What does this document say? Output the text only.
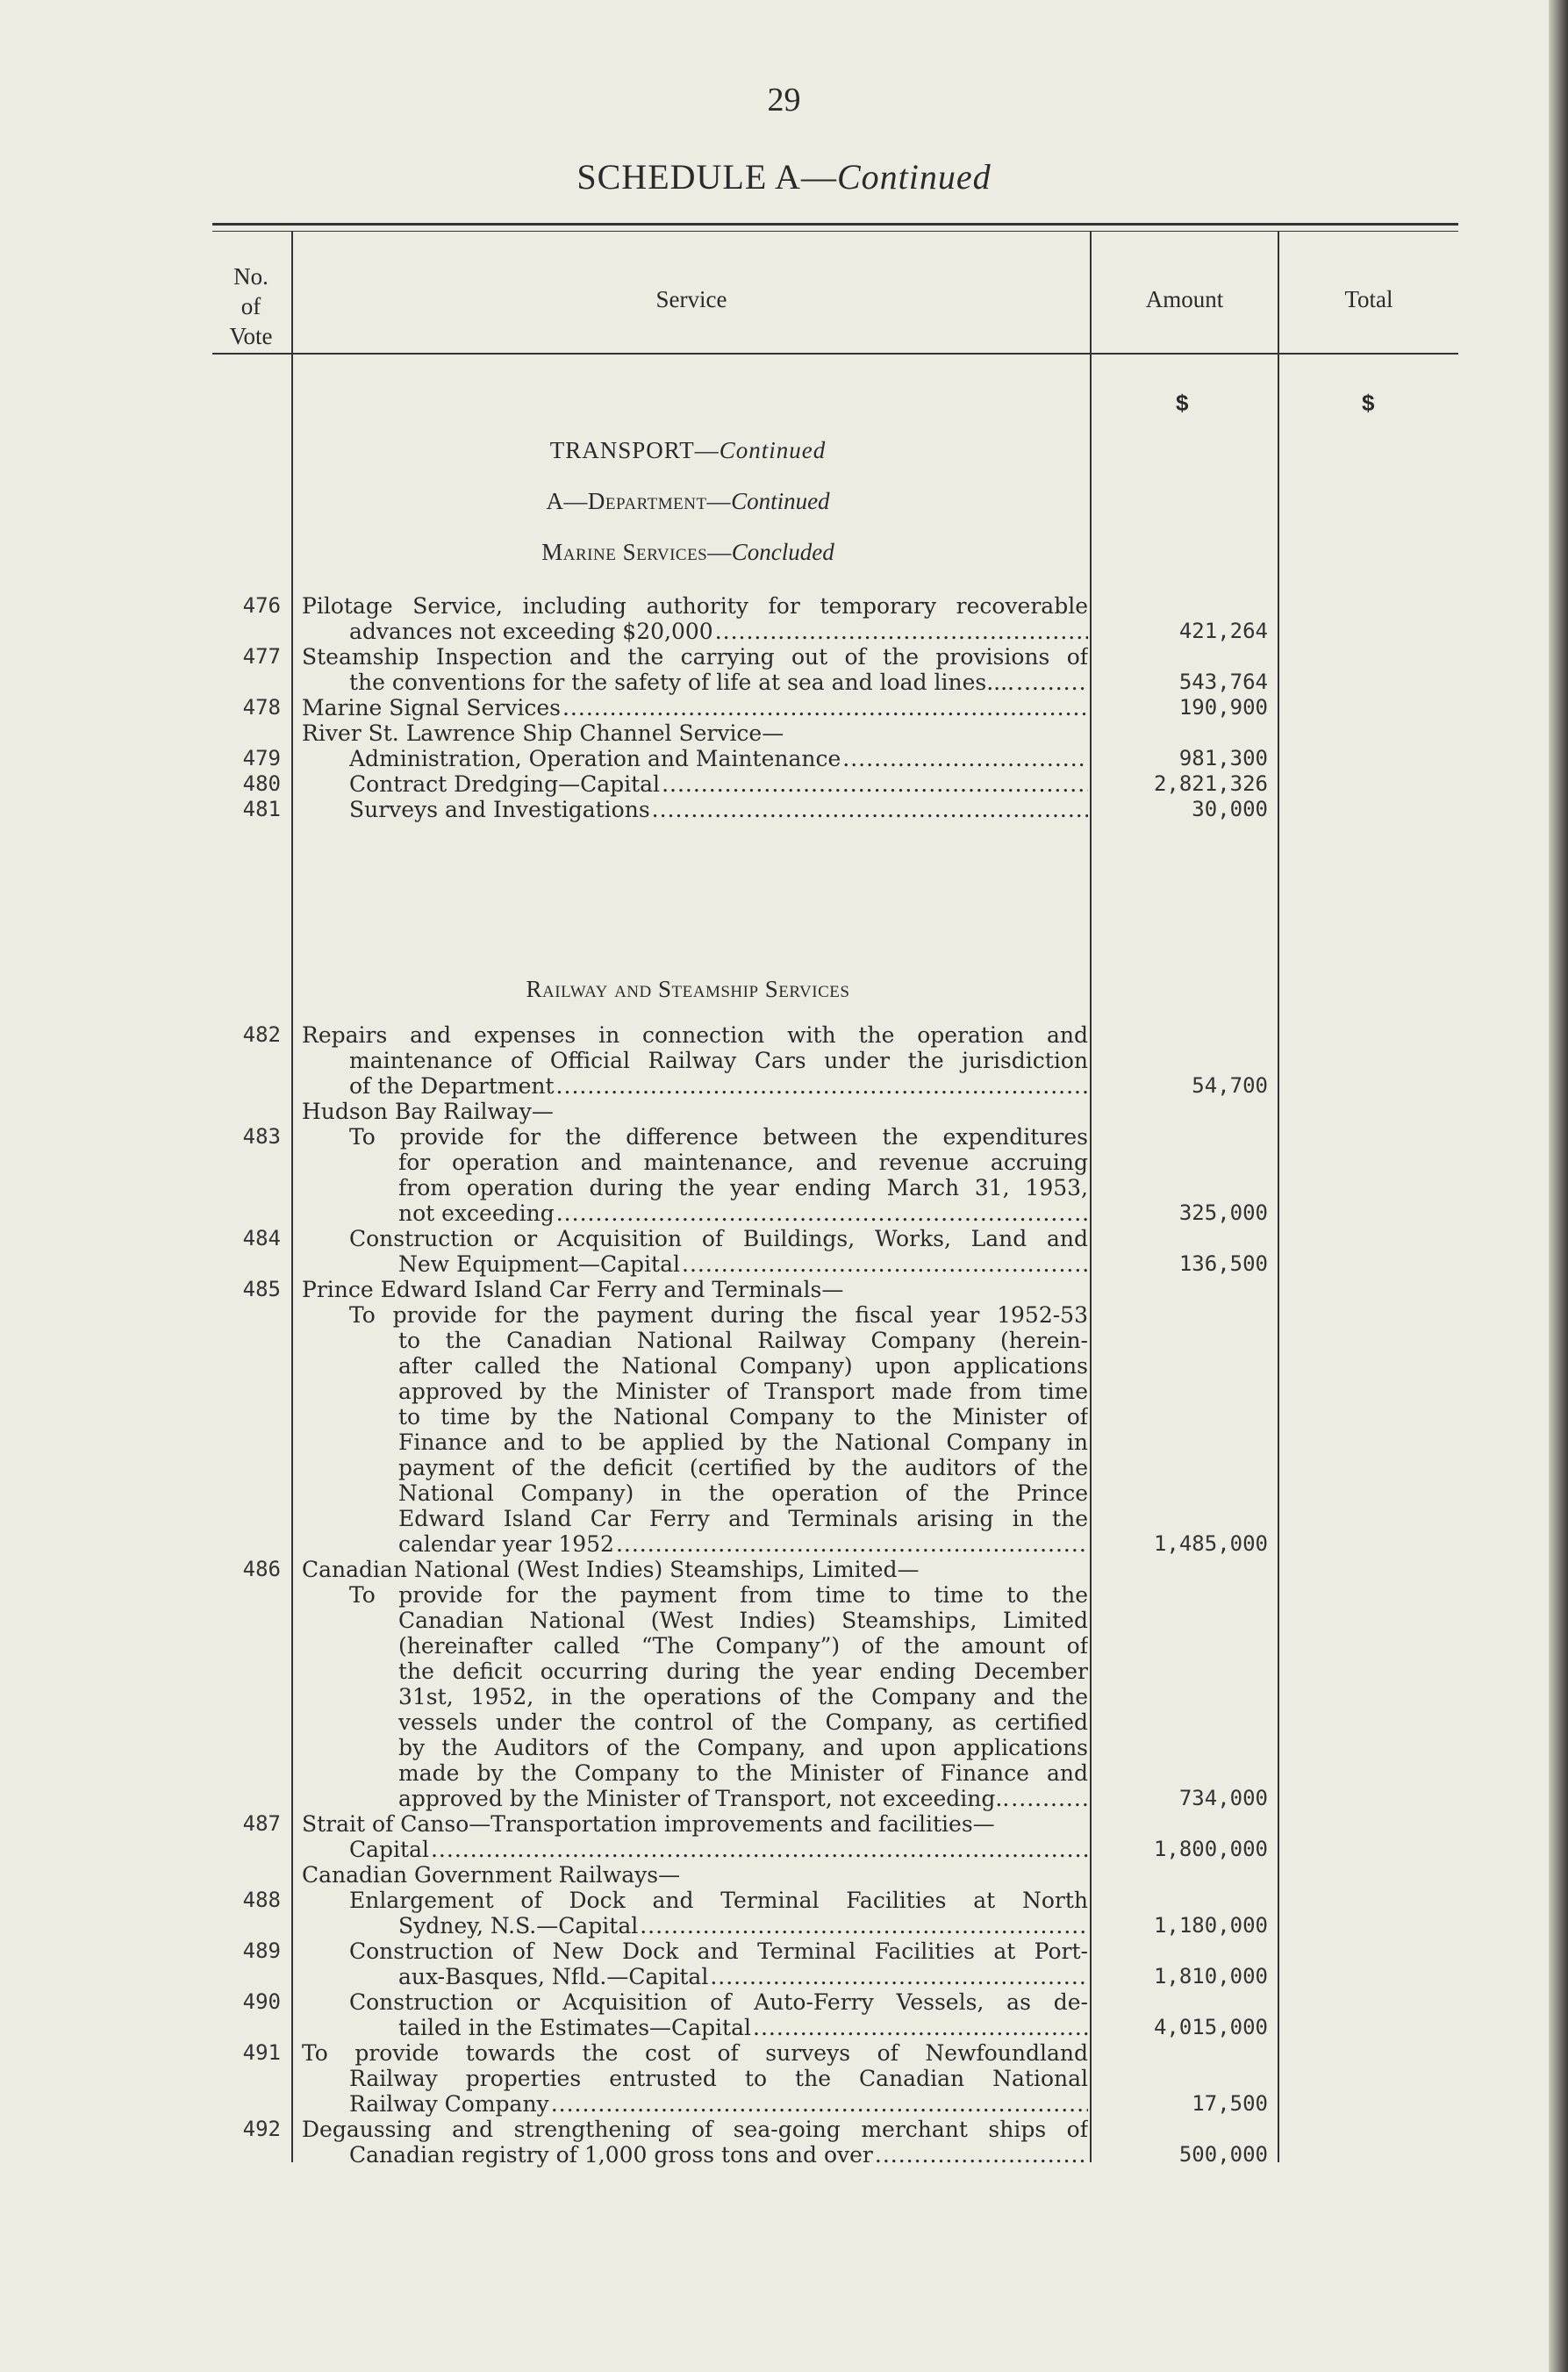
29
SCHEDULE A—Continued
No.
of
Vote
Service	Amount	Total
$	$
TRANSPORT—Continued
A—Department—Continued
Marine Services—Concluded
Railway and Steamship Services
476 Pilotage Service, including authority for temporary recoverable
advances not exceeding $20,000 .....	421,264
477 Steamship Inspection and the carrying out of the provisions of
the conventions for the safety of life at sea and load lines.... .....	543,764
478 Marine Signal Services .....	190,900
River St. Lawrence Ship Channel Service—
479	Administration, Operation and Maintenance .....	981,300
480	Contract Dredging—Capital .....	2,821,326
481	Surveys and Investigations .....	30,000
482 Repairs and expenses in connection with the operation and
maintenance of Official Railway Cars under the jurisdiction
of the Department .....	54,700
Hudson Bay Railway—
483	To provide for the difference between the expenditures
for operation and maintenance, and revenue accruing
from operation during the year ending March 31, 1953,
not exceeding .....	325,000
484	Construction or Acquisition of Buildings, Works, Land and
New Equipment—Capital .....	136,500
485 Prince Edward Island Car Ferry and Terminals—
To provide for the payment during the fiscal year 1952-53
to the Canadian National Railway Company (herein-
after called the National Company) upon applications
approved by the Minister of Transport made from time
to time by the National Company to the Minister of
Finance and to be applied by the National Company in
payment of the deficit (certified by the auditors of the
National Company) in the operation of the Prince
Edward Island Car Ferry and Terminals arising in the
calendar year 1952 .....	1,485,000
486 Canadian National (West Indies) Steamships, Limited—
To provide for the payment from time to time to the
Canadian National (West Indies) Steamships, Limited
(hereinafter called “The Company”) of the amount of
the deficit occurring during the year ending December
31st, 1952, in the operations of the Company and the
vessels under the control of the Company, as certified
by the Auditors of the Company, and upon applications
made by the Company to the Minister of Finance and
approved by the Minister of Transport, not exceeding.. .....	734,000
487 Strait of Canso—Transportation improvements and facilities—
Capital .....	1,800,000
Canadian Government Railways—
488	Enlargement of Dock and Terminal Facilities at North
Sydney, N.S.—Capital .....	1,180,000
489	Construction of New Dock and Terminal Facilities at Port-
aux-Basques, Nfld.—Capital .....	1,810,000
490	Construction or Acquisition of Auto-Ferry Vessels, as de-
tailed in the Estimates—Capital .....	4,015,000
491 To provide towards the cost of surveys of Newfoundland
Railway properties entrusted to the Canadian National
Railway Company .....	17,500
492 Degaussing and strengthening of sea-going merchant ships of
Canadian registry of 1,000 gross tons and over .....	500,000
